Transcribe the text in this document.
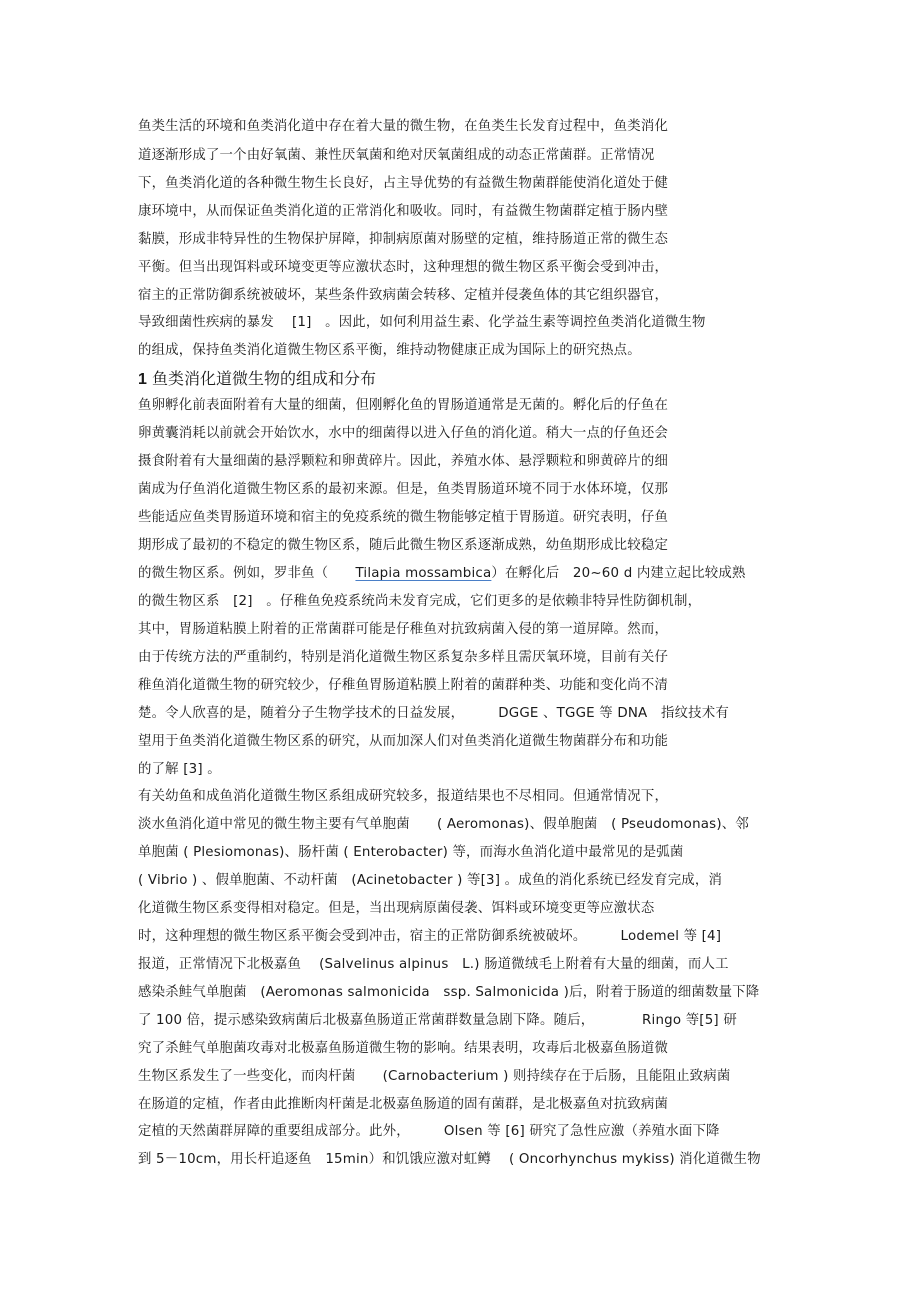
鱼类生活的环境和鱼类消化道中存在着大量的微生物，在鱼类生长发育过程中，鱼类消化
道逐渐形成了一个由好氧菌、兼性厌氧菌和绝对厌氧菌组成的动态正常菌群。正常情况
下，鱼类消化道的各种微生物生长良好，占主导优势的有益微生物菌群能使消化道处于健
康环境中，从而保证鱼类消化道的正常消化和吸收。同时，有益微生物菌群定植于肠内壁
黏膜，形成非特异性的生物保护屏障，抑制病原菌对肠壁的定植，维持肠道正常的微生态
平衡。但当出现饵料或环境变更等应激状态时，这种理想的微生物区系平衡会受到冲击，
宿主的正常防御系统被破坏，某些条件致病菌会转移、定植并侵袭鱼体的其它组织器官，
导致细菌性疾病的暴发　 [1]　。因此，如何利用益生素、化学益生素等调控鱼类消化道微生物
的组成，保持鱼类消化道微生物区系平衡，维持动物健康正成为国际上的研究热点。
1 鱼类消化道微生物的组成和分布
鱼卵孵化前表面附着有大量的细菌，但刚孵化鱼的胃肠道通常是无菌的。孵化后的仔鱼在
卵黄囊消耗以前就会开始饮水，水中的细菌得以进入仔鱼的消化道。稍大一点的仔鱼还会
摄食附着有大量细菌的悬浮颗粒和卵黄碎片。因此，养殖水体、悬浮颗粒和卵黄碎片的细
菌成为仔鱼消化道微生物区系的最初来源。但是，鱼类胃肠道环境不同于水体环境，仅那
些能适应鱼类胃肠道环境和宿主的免疫系统的微生物能够定植于胃肠道。研究表明，仔鱼
期形成了最初的不稳定的微生物区系，随后此微生物区系逐渐成熟，幼鱼期形成比较稳定
的微生物区系。例如，罗非鱼（　　Tilapia mossambica）在孵化后　20~60 d 内建立起比较成熟
的微生物区系　[2]　。仔稚鱼免疫系统尚未发育完成，它们更多的是依赖非特异性防御机制，
其中，胃肠道粘膜上附着的正常菌群可能是仔稚鱼对抗致病菌入侵的第一道屏障。然而，
由于传统方法的严重制约，特别是消化道微生物区系复杂多样且需厌氧环境，目前有关仔
稚鱼消化道微生物的研究较少，仔稚鱼胃肠道粘膜上附着的菌群种类、功能和变化尚不清
楚。令人欣喜的是，随着分子生物学技术的日益发展，　　　DGGE 、TGGE 等 DNA　指纹技术有
望用于鱼类消化道微生物区系的研究，从而加深人们对鱼类消化道微生物菌群分布和功能
的了解 [3] 。
有关幼鱼和成鱼消化道微生物区系组成研究较多，报道结果也不尽相同。但通常情况下，
淡水鱼消化道中常见的微生物主要有气单胞菌　　( Aeromonas)、假单胞菌　( Pseudomonas)、邻
单胞菌 ( Plesiomonas)、肠杆菌 ( Enterobacter) 等，而海水鱼消化道中最常见的是弧菌
( Vibrio ) 、假单胞菌、不动杆菌　(Acinetobacter ) 等[3] 。成鱼的消化系统已经发育完成，消
化道微生物区系变得相对稳定。但是，当出现病原菌侵袭、饵料或环境变更等应激状态
时，这种理想的微生物区系平衡会受到冲击，宿主的正常防御系统被破坏。　　　Lodemel 等 [4]
报道，正常情况下北极嘉鱼　 (Salvelinus alpinus　L.) 肠道微绒毛上附着有大量的细菌，而人工
感染杀鲑气单胞菌　(Aeromonas salmonicida　ssp. Salmonicida )后，附着于肠道的细菌数量下降
了 100 倍，提示感染致病菌后北极嘉鱼肠道正常菌群数量急剧下降。随后，　　　　Ringo 等[5] 研
究了杀鲑气单胞菌攻毒对北极嘉鱼肠道微生物的影响。结果表明，攻毒后北极嘉鱼肠道微
生物区系发生了一些变化，而肉杆菌　　(Carnobacterium ) 则持续存在于后肠，且能阻止致病菌
在肠道的定植，作者由此推断肉杆菌是北极嘉鱼肠道的固有菌群，是北极嘉鱼对抗致病菌
定植的天然菌群屏障的重要组成部分。此外，　　　Olsen 等 [6] 研究了急性应激（养殖水面下降
到 5－10cm，用长杆追逐鱼　15min）和饥饿应激对虹鳟　 ( Oncorhynchus mykiss) 消化道微生物
